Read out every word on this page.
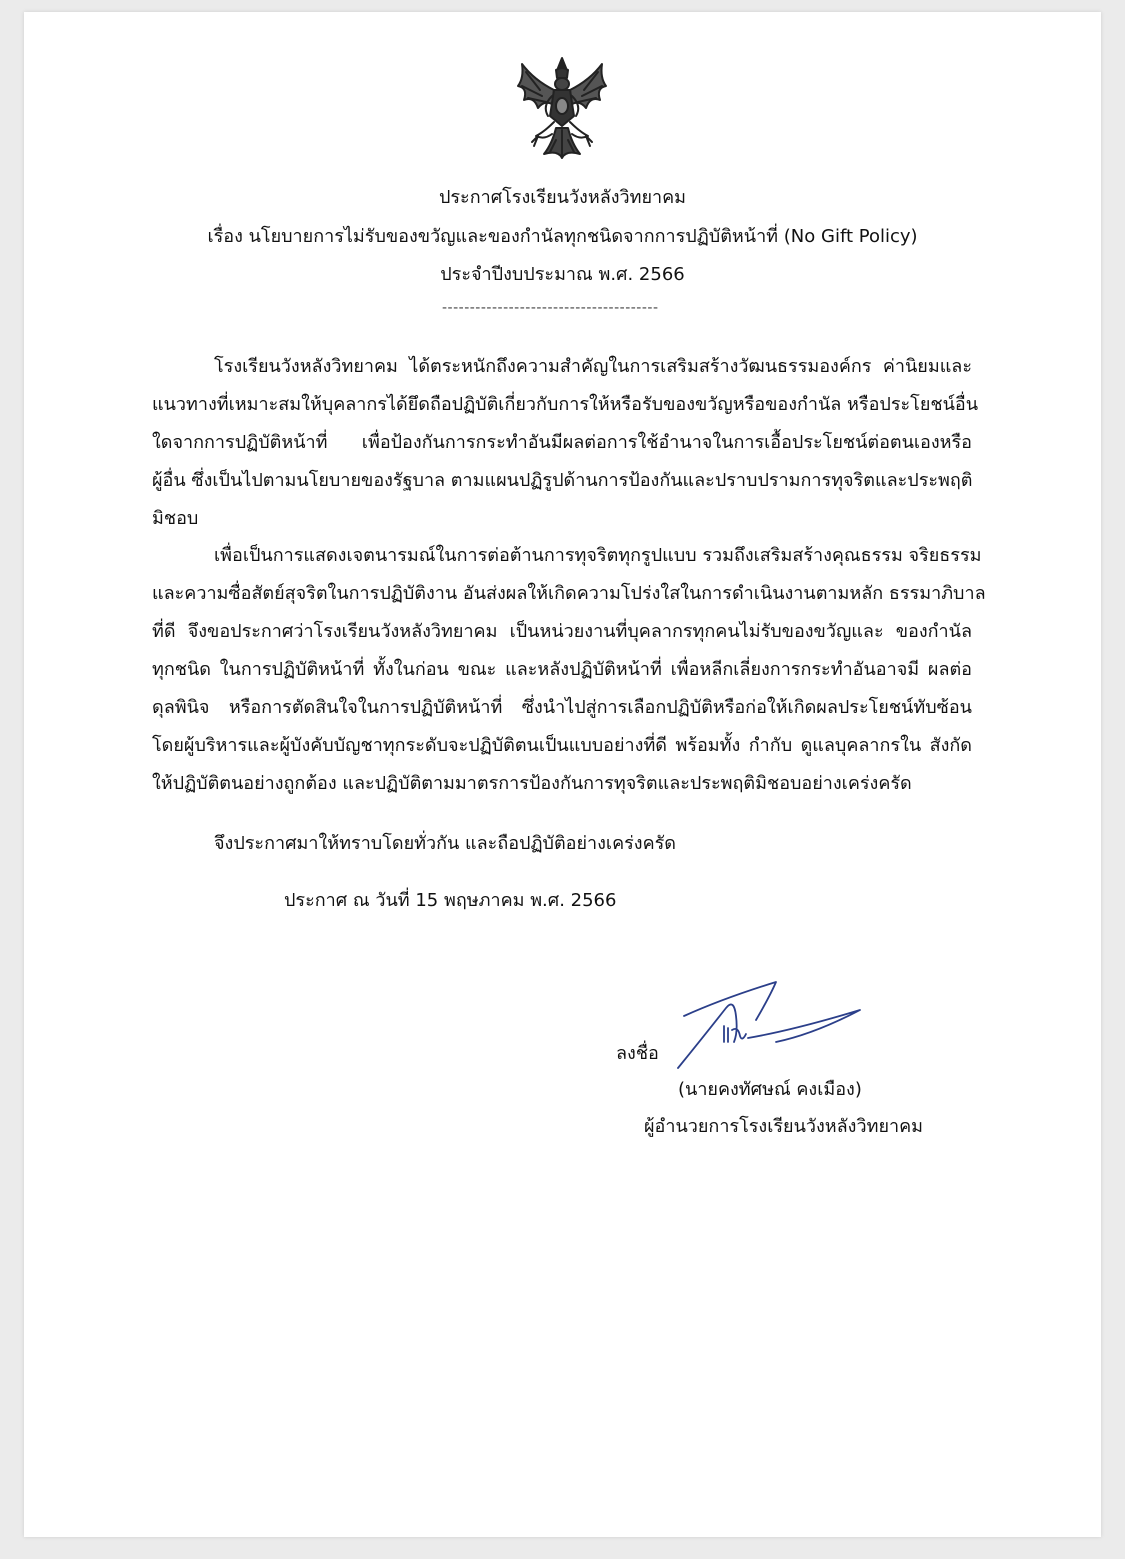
ประกาศโรงเรียนวังหลังวิทยาคม
เรื่อง นโยบายการไม่รับของขวัญและของกำนัลทุกชนิดจากการปฏิบัติหน้าที่ (No Gift Policy)
ประจำปีงบประมาณ พ.ศ. 2566
---------------------------------------
โรงเรียนวังหลังวิทยาคม ได้ตระหนักถึงความสำคัญในการเสริมสร้างวัฒนธรรมองค์กร ค่านิยมและ
แนวทางที่เหมาะสมให้บุคลากรได้ยึดถือปฏิบัติเกี่ยวกับการให้หรือรับของขวัญหรือของกำนัล หรือประโยชน์อื่น
ใดจากการปฏิบัติหน้าที่ เพื่อป้องกันการกระทำอันมีผลต่อการใช้อำนาจในการเอื้อประโยชน์ต่อตนเองหรือ
ผู้อื่น ซึ่งเป็นไปตามนโยบายของรัฐบาล ตามแผนปฏิรูปด้านการป้องกันและปราบปรามการทุจริตและประพฤติ
มิชอบ
เพื่อเป็นการแสดงเจตนารมณ์ในการต่อต้านการทุจริตทุกรูปแบบ รวมถึงเสริมสร้างคุณธรรม จริยธรรม
และความซื่อสัตย์สุจริตในการปฏิบัติงาน อันส่งผลให้เกิดความโปร่งใสในการดำเนินงานตามหลัก ธรรมาภิบาล
ที่ดี จึงขอประกาศว่าโรงเรียนวังหลังวิทยาคม เป็นหน่วยงานที่บุคลากรทุกคนไม่รับของขวัญและ ของกำนัล
ทุกชนิด ในการปฏิบัติหน้าที่ ทั้งในก่อน ขณะ และหลังปฏิบัติหน้าที่ เพื่อหลีกเลี่ยงการกระทำอันอาจมี ผลต่อ
ดุลพินิจ หรือการตัดสินใจในการปฏิบัติหน้าที่ ซึ่งนำไปสู่การเลือกปฏิบัติหรือก่อให้เกิดผลประโยชน์ทับซ้อน
โดยผู้บริหารและผู้บังคับบัญชาทุกระดับจะปฏิบัติตนเป็นแบบอย่างที่ดี พร้อมทั้ง กำกับ ดูแลบุคลากรใน สังกัด
ให้ปฏิบัติตนอย่างถูกต้อง และปฏิบัติตามมาตรการป้องกันการทุจริตและประพฤติมิชอบอย่างเคร่งครัด
จึงประกาศมาให้ทราบโดยทั่วกัน และถือปฏิบัติอย่างเคร่งครัด
ประกาศ ณ วันที่ 15 พฤษภาคม พ.ศ. 2566
ลงชื่อ
(นายคงทัศษณ์ คงเมือง)
ผู้อำนวยการโรงเรียนวังหลังวิทยาคม
